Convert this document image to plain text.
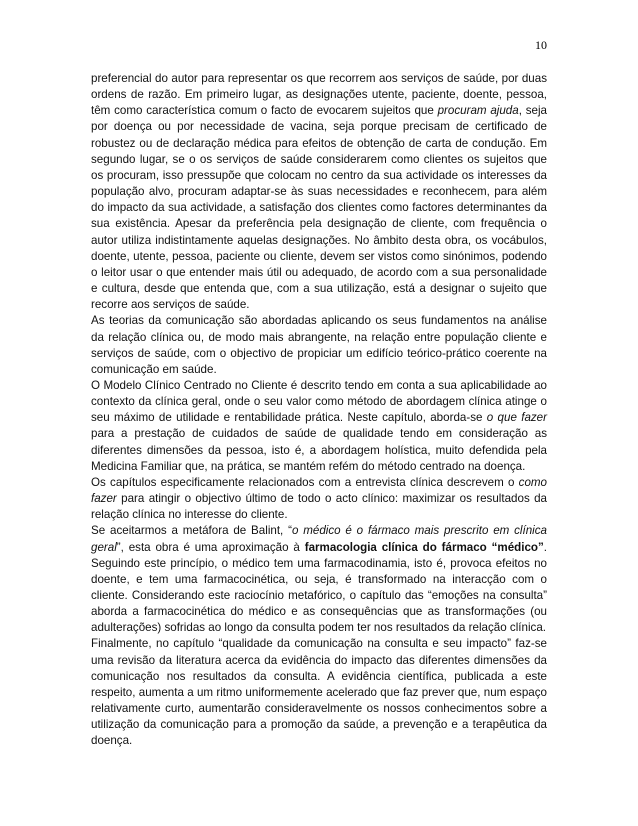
10

preferencial do autor para representar os que recorrem aos serviços de saúde, por duas ordens de razão. Em primeiro lugar, as designações utente, paciente, doente, pessoa, têm como característica comum o facto de evocarem sujeitos que procuram ajuda, seja por doença ou por necessidade de vacina, seja porque precisam de certificado de robustez ou de declaração médica para efeitos de obtenção de carta de condução. Em segundo lugar, se o os serviços de saúde considerarem como clientes os sujeitos que os procuram, isso pressupõe que colocam no centro da sua actividade os interesses da população alvo, procuram adaptar-se às suas necessidades e reconhecem, para além do impacto da sua actividade, a satisfação dos clientes como factores determinantes da sua existência. Apesar da preferência pela designação de cliente, com frequência o autor utiliza indistintamente aquelas designações. No âmbito desta obra, os vocábulos, doente, utente, pessoa, paciente ou cliente, devem ser vistos como sinónimos, podendo o leitor usar o que entender mais útil ou adequado, de acordo com a sua personalidade e cultura, desde que entenda que, com a sua utilização, está a designar o sujeito que recorre aos serviços de saúde.

As teorias da comunicação são abordadas aplicando os seus fundamentos na análise da relação clínica ou, de modo mais abrangente, na relação entre população cliente e serviços de saúde, com o objectivo de propiciar um edifício teórico-prático coerente na comunicação em saúde.

O Modelo Clínico Centrado no Cliente é descrito tendo em conta a sua aplicabilidade ao contexto da clínica geral, onde o seu valor como método de abordagem clínica atinge o seu máximo de utilidade e rentabilidade prática. Neste capítulo, aborda-se o que fazer para a prestação de cuidados de saúde de qualidade tendo em consideração as diferentes dimensões da pessoa, isto é, a abordagem holística, muito defendida pela Medicina Familiar que, na prática, se mantém refém do método centrado na doença.

Os capítulos especificamente relacionados com a entrevista clínica descrevem o como fazer para atingir o objectivo último de todo o acto clínico: maximizar os resultados da relação clínica no interesse do cliente.

Se aceitarmos a metáfora de Balint, “o médico é o fármaco mais prescrito em clínica geral”, esta obra é uma aproximação à farmacologia clínica do fármaco “médico”. Seguindo este princípio, o médico tem uma farmacodinamia, isto é, provoca efeitos no doente, e tem uma farmacocinética, ou seja, é transformado na interacção com o cliente. Considerando este raciocínio metafórico, o capítulo das “emoções na consulta” aborda a farmacocinética do médico e as consequências que as transformações (ou adulterações) sofridas ao longo da consulta podem ter nos resultados da relação clínica.

Finalmente, no capítulo “qualidade da comunicação na consulta e seu impacto” faz-se uma revisão da literatura acerca da evidência do impacto das diferentes dimensões da comunicação nos resultados da consulta. A evidência científica, publicada a este respeito, aumenta a um ritmo uniformemente acelerado que faz prever que, num espaço relativamente curto, aumentarão consideravelmente os nossos conhecimentos sobre a utilização da comunicação para a promoção da saúde, a prevenção e a terapêutica da doença.
